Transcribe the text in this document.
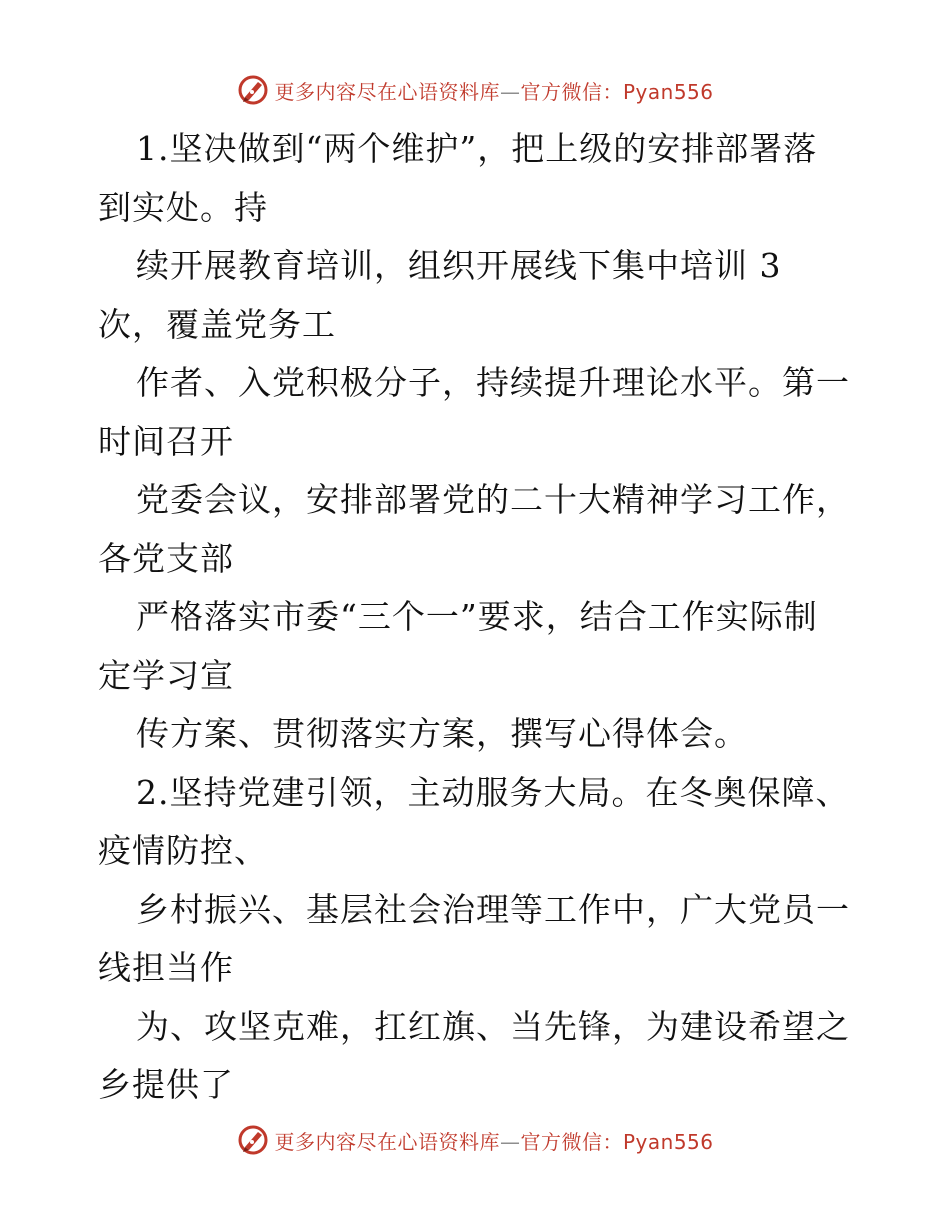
更多内容尽在心语资料库—官方微信：Pyan556
1.坚决做到“两个维护”，把上级的安排部署落
到实处。持
续开展教育培训，组织开展线下集中培训 3
次，覆盖党务工
作者、入党积极分子，持续提升理论水平。第一
时间召开
党委会议，安排部署党的二十大精神学习工作，
各党支部
严格落实市委“三个一”要求，结合工作实际制
定学习宣
传方案、贯彻落实方案，撰写心得体会。
2.坚持党建引领，主动服务大局。在冬奥保障、
疫情防控、
乡村振兴、基层社会治理等工作中，广大党员一
线担当作
为、攻坚克难，扛红旗、当先锋，为建设希望之
乡提供了
更多内容尽在心语资料库—官方微信：Pyan556
